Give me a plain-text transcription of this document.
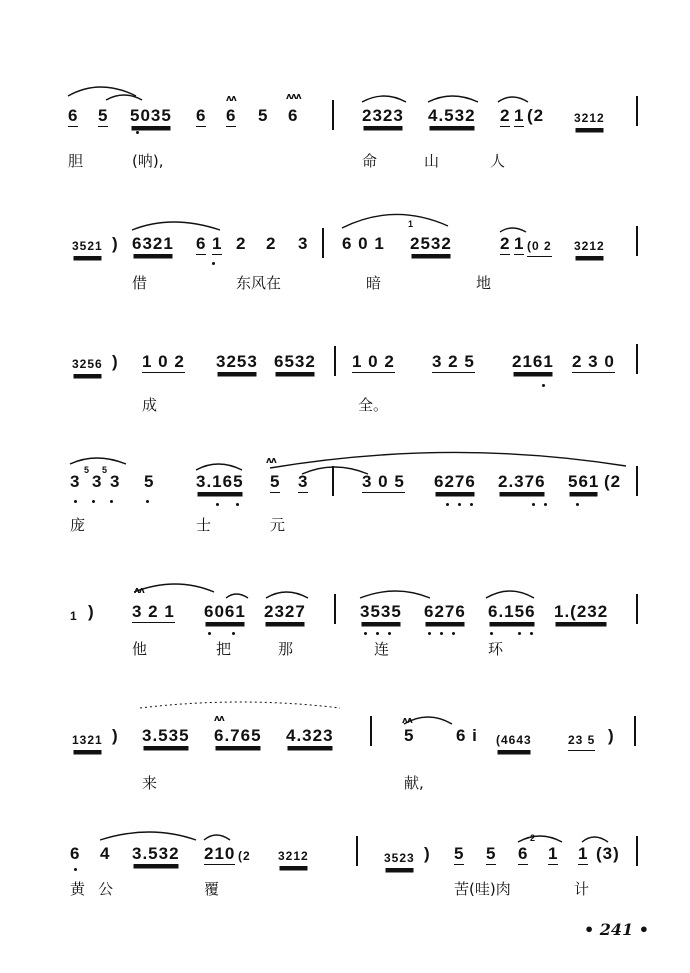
ᴧᴧ	ᴧᴧᴧ
6 5 5035 6 6 5 6	2323 4.532 2 1 (2 3212
胆	(呐),	命	山	人
3521 ) 6321 6 1 2 2 3 6 0 1
1
2532	2 1 (0 2 3212
借	东风在	暗	地
3256 ) 1 0 2 3253 6532 1 0 2 3 2 5 2161 2 3 0
成	全。
ᴧᴧ
5 5
3 3 3 5 3.165 5 3	3 0 5 6276 2.376 561 (2
庞	士	元
ᴧᴧ
1 ) 3 2 1 6061 2327	3535 6276 6.156 1.(232
他	把	那	连	环
ᴧᴧ	ᴧᴧ
1321 ) 3.535 6.765 4.323	5 6 i (4643	23 5 )
来	献,
6 4 3.532 210 (2 3212	3523 ) 5 5
2
6 1 1 (3)
黄 公	覆	苦(哇)肉	计
• 241 •
